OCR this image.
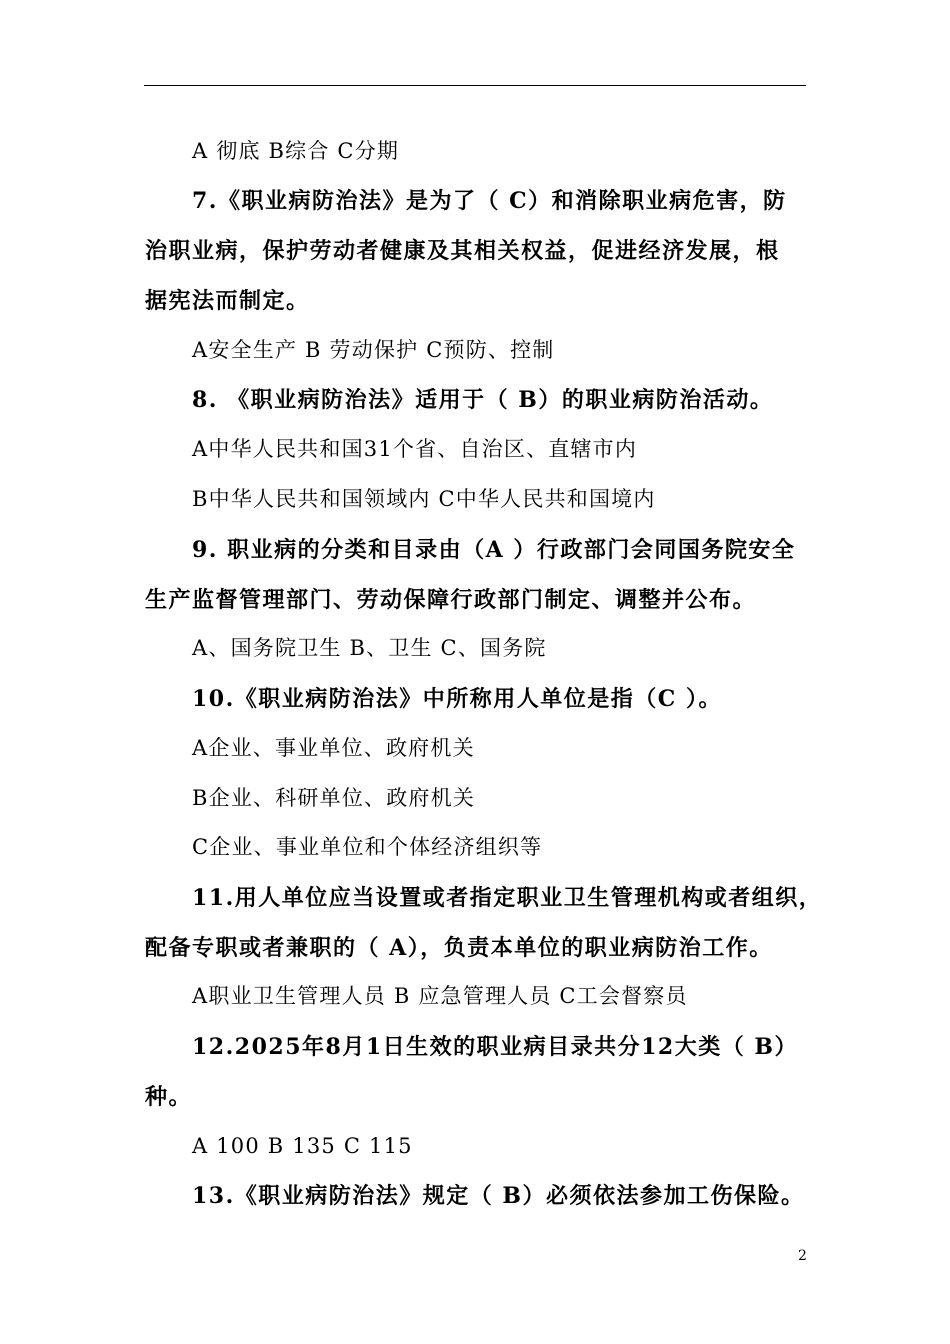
A 彻底 B综合 C分期
7.《职业病防治法》是为了（ C）和消除职业病危害，防
治职业病，保护劳动者健康及其相关权益，促进经济发展，根
据宪法而制定。
A安全生产 B 劳动保护 C预防、控制
8. 《职业病防治法》适用于（ B）的职业病防治活动。
A中华人民共和国31个省、自治区、直辖市内
B中华人民共和国领域内 C中华人民共和国境内
9. 职业病的分类和目录由（A ）行政部门会同国务院安全
生产监督管理部门、劳动保障行政部门制定、调整并公布。
A、国务院卫生 B、卫生 C、国务院
10.《职业病防治法》中所称用人单位是指（C ）。
A企业、事业单位、政府机关
B企业、科研单位、政府机关
C企业、事业单位和个体经济组织等
11.用人单位应当设置或者指定职业卫生管理机构或者组织，
配备专职或者兼职的（ A），负责本单位的职业病防治工作。
A职业卫生管理人员 B 应急管理人员 C工会督察员
12.2025年8月1日生效的职业病目录共分12大类（ B）
种。
A 100 B 135 C 115
13.《职业病防治法》规定（ B）必须依法参加工伤保险。
2
